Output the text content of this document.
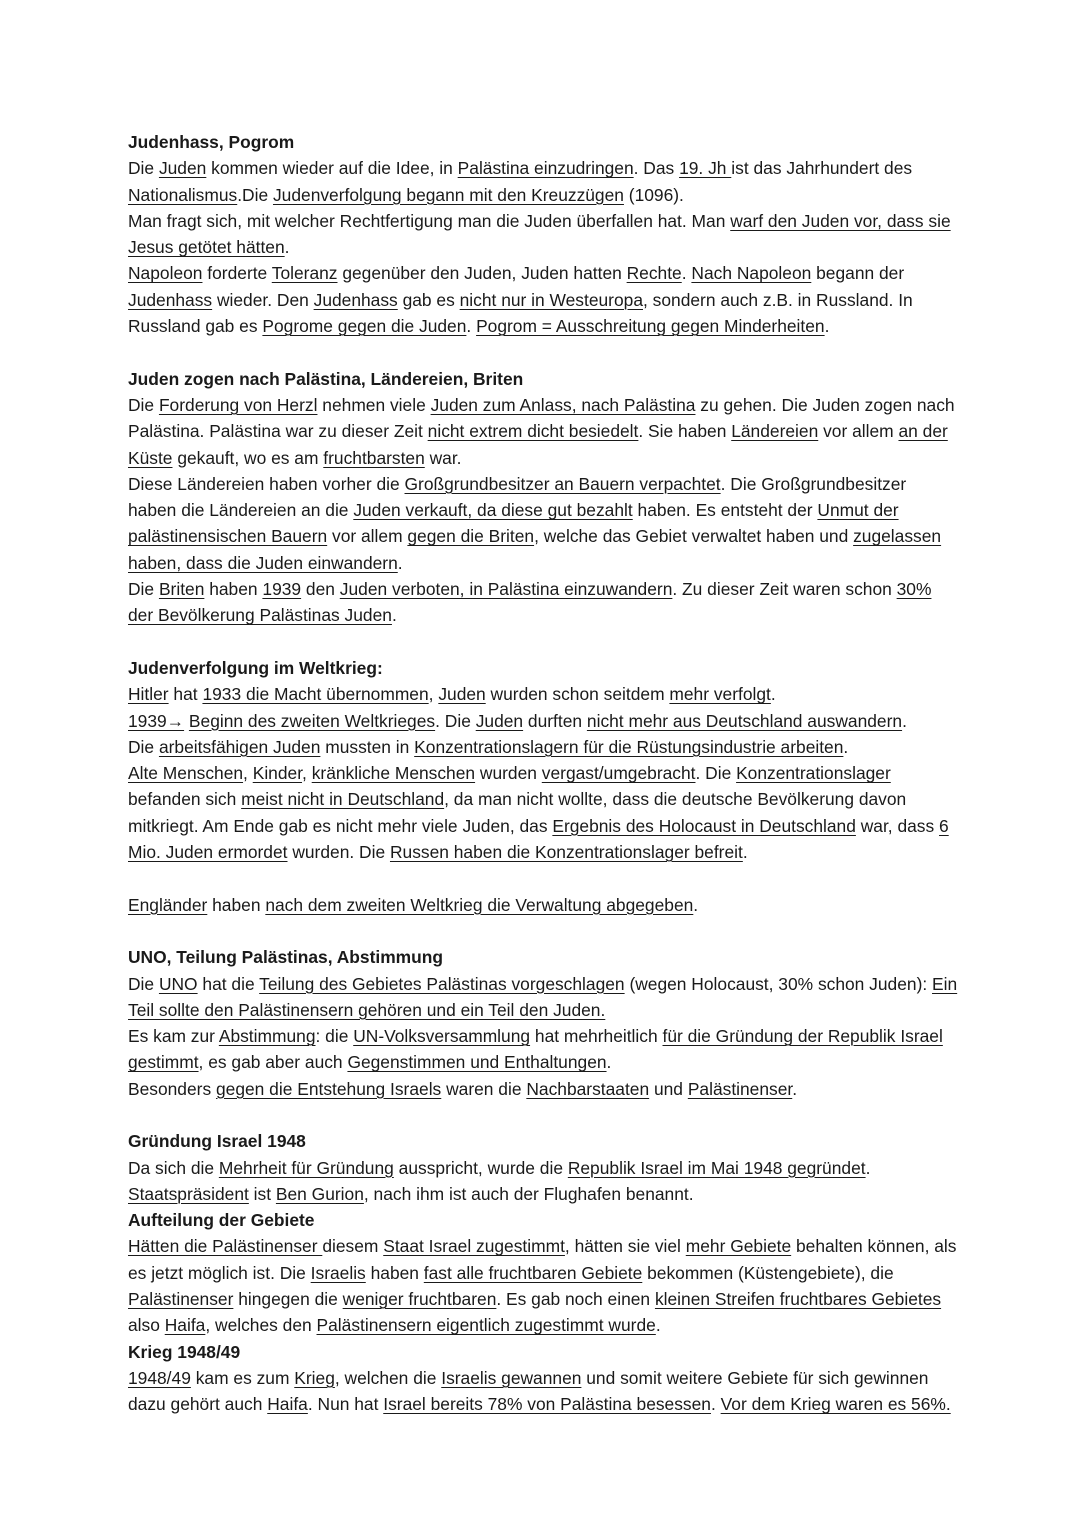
Judenhass, Pogrom
Die Juden kommen wieder auf die Idee, in Palästina einzudringen. Das 19. Jh ist das Jahrhundert des Nationalismus.Die Judenverfolgung begann mit den Kreuzzügen (1096).
Man fragt sich, mit welcher Rechtfertigung man die Juden überfallen hat. Man warf den Juden vor, dass sie Jesus getötet hätten.
Napoleon forderte Toleranz gegenüber den Juden, Juden hatten Rechte. Nach Napoleon begann der Judenhass wieder. Den Judenhass gab es nicht nur in Westeuropa, sondern auch z.B. in Russland. In Russland gab es Pogrome gegen die Juden. Pogrom = Ausschreitung gegen Minderheiten.
Juden zogen nach Palästina, Ländereien, Briten
Die Forderung von Herzl nehmen viele Juden zum Anlass, nach Palästina zu gehen. Die Juden zogen nach Palästina. Palästina war zu dieser Zeit nicht extrem dicht besiedelt. Sie haben Ländereien vor allem an der Küste gekauft, wo es am fruchtbarsten war.
Diese Ländereien haben vorher die Großgrundbesitzer an Bauern verpachtet. Die Großgrundbesitzer haben die Ländereien an die Juden verkauft, da diese gut bezahlt haben. Es entsteht der Unmut der palästinensischen Bauern vor allem gegen die Briten, welche das Gebiet verwaltet haben und zugelassen haben, dass die Juden einwandern.
Die Briten haben 1939 den Juden verboten, in Palästina einzuwandern. Zu dieser Zeit waren schon 30% der Bevölkerung Palästinas Juden.
Judenverfolgung im Weltkrieg:
Hitler hat 1933 die Macht übernommen, Juden wurden schon seitdem mehr verfolgt.
1939→ Beginn des zweiten Weltkrieges. Die Juden durften nicht mehr aus Deutschland auswandern.
Die arbeitsfähigen Juden mussten in Konzentrationslagern für die Rüstungsindustrie arbeiten.
Alte Menschen, Kinder, kränkliche Menschen wurden vergast/umgebracht. Die Konzentrationslager befanden sich meist nicht in Deutschland, da man nicht wollte, dass die deutsche Bevölkerung davon mitkriegt. Am Ende gab es nicht mehr viele Juden, das Ergebnis des Holocaust in Deutschland war, dass 6 Mio. Juden ermordet wurden. Die Russen haben die Konzentrationslager befreit.
Engländer haben nach dem zweiten Weltkrieg die Verwaltung abgegeben.
UNO, Teilung Palästinas, Abstimmung
Die UNO hat die Teilung des Gebietes Palästinas vorgeschlagen (wegen Holocaust, 30% schon Juden): Ein Teil sollte den Palästinensern gehören und ein Teil den Juden.
Es kam zur Abstimmung: die UN-Volksversammlung hat mehrheitlich für die Gründung der Republik Israel gestimmt, es gab aber auch Gegenstimmen und Enthaltungen.
Besonders gegen die Entstehung Israels waren die Nachbarstaaten und Palästinenser.
Gründung Israel 1948
Da sich die Mehrheit für Gründung ausspricht, wurde die Republik Israel im Mai 1948 gegründet.
Staatspräsident ist Ben Gurion, nach ihm ist auch der Flughafen benannt.
Aufteilung der Gebiete
Hätten die Palästinenser diesem Staat Israel zugestimmt, hätten sie viel mehr Gebiete behalten können, als es jetzt möglich ist. Die Israelis haben fast alle fruchtbaren Gebiete bekommen (Küstengebiete), die Palästinenser hingegen die weniger fruchtbaren. Es gab noch einen kleinen Streifen fruchtbares Gebietes also Haifa, welches den Palästinensern eigentlich zugestimmt wurde.
Krieg 1948/49
1948/49 kam es zum Krieg, welchen die Israelis gewannen und somit weitere Gebiete für sich gewinnen dazu gehört auch Haifa. Nun hat Israel bereits 78% von Palästina besessen. Vor dem Krieg waren es 56%.
